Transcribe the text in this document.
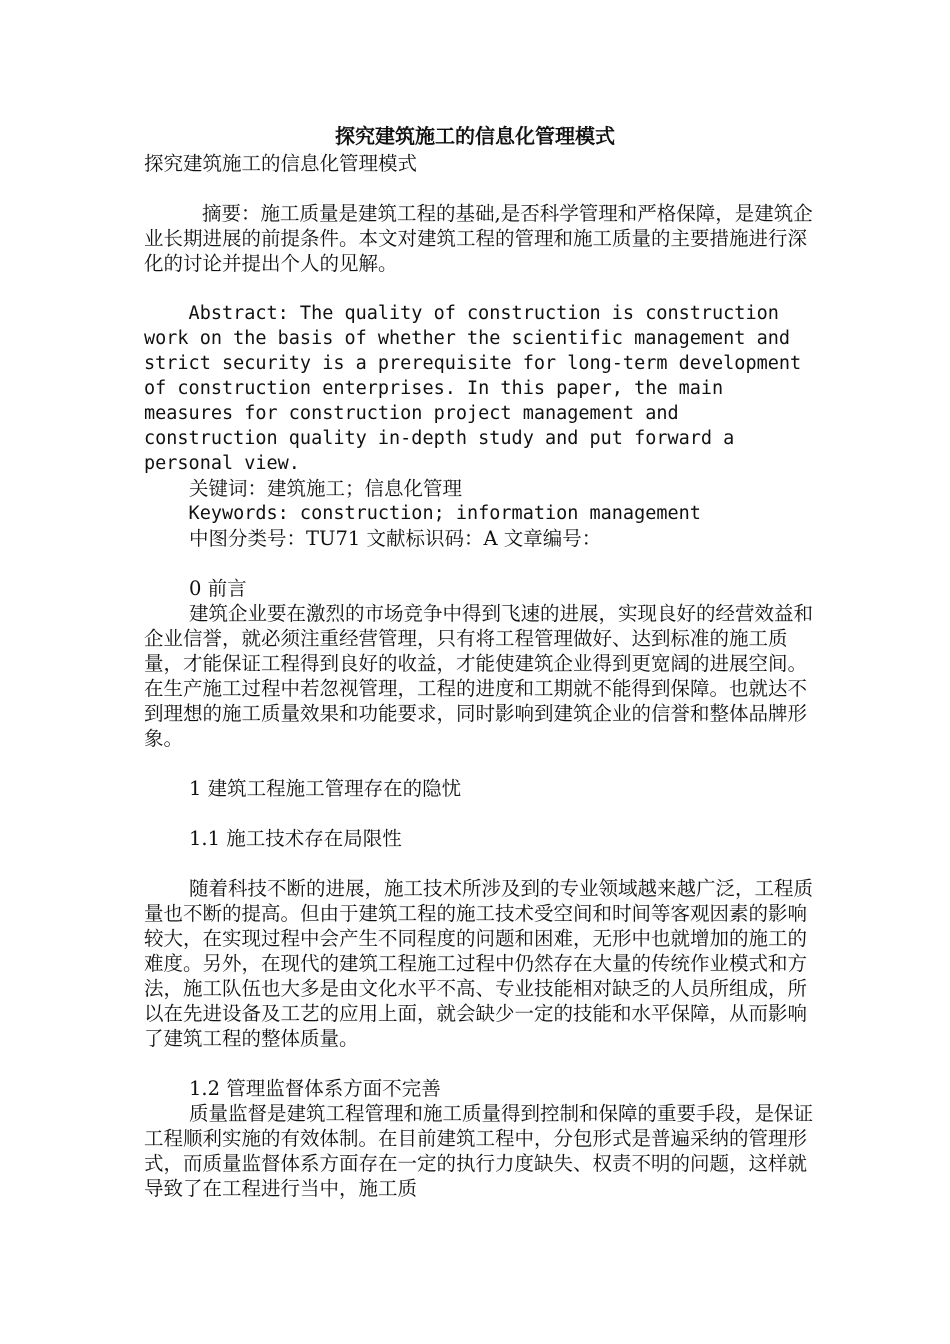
探究建筑施工的信息化管理模式

探究建筑施工的信息化管理模式

摘要：施工质量是建筑工程的基础,是否科学管理和严格保障，是建筑企业长期进展的前提条件。本文对建筑工程的管理和施工质量的主要措施进行深化的讨论并提出个人的见解。

Abstract: The quality of construction is construction
work on the basis of whether the scientific management and
strict security is a prerequisite for long-term development
of construction enterprises. In this paper, the main
measures for construction project management and
construction quality in-depth study and put forward a
personal view.

关键词：建筑施工；信息化管理

Keywords: construction; information management

中图分类号：TU71 文献标识码：A 文章编号：

0 前言

建筑企业要在激烈的市场竞争中得到飞速的进展，实现良好的经营效益和企业信誉，就必须注重经营管理，只有将工程管理做好、达到标准的施工质量，才能保证工程得到良好的收益，才能使建筑企业得到更宽阔的进展空间。在生产施工过程中若忽视管理，工程的进度和工期就不能得到保障。也就达不到理想的施工质量效果和功能要求，同时影响到建筑企业的信誉和整体品牌形象。

1 建筑工程施工管理存在的隐忧

1.1 施工技术存在局限性

随着科技不断的进展，施工技术所涉及到的专业领域越来越广泛，工程质量也不断的提高。但由于建筑工程的施工技术受空间和时间等客观因素的影响较大，在实现过程中会产生不同程度的问题和困难，无形中也就增加的施工的难度。另外，在现代的建筑工程施工过程中仍然存在大量的传统作业模式和方法，施工队伍也大多是由文化水平不高、专业技能相对缺乏的人员所组成，所以在先进设备及工艺的应用上面，就会缺少一定的技能和水平保障，从而影响了建筑工程的整体质量。

1.2 管理监督体系方面不完善

质量监督是建筑工程管理和施工质量得到控制和保障的重要手段，是保证工程顺利实施的有效体制。在目前建筑工程中，分包形式是普遍采纳的管理形式，而质量监督体系方面存在一定的执行力度缺失、权责不明的问题，这样就导致了在工程进行当中，施工质
